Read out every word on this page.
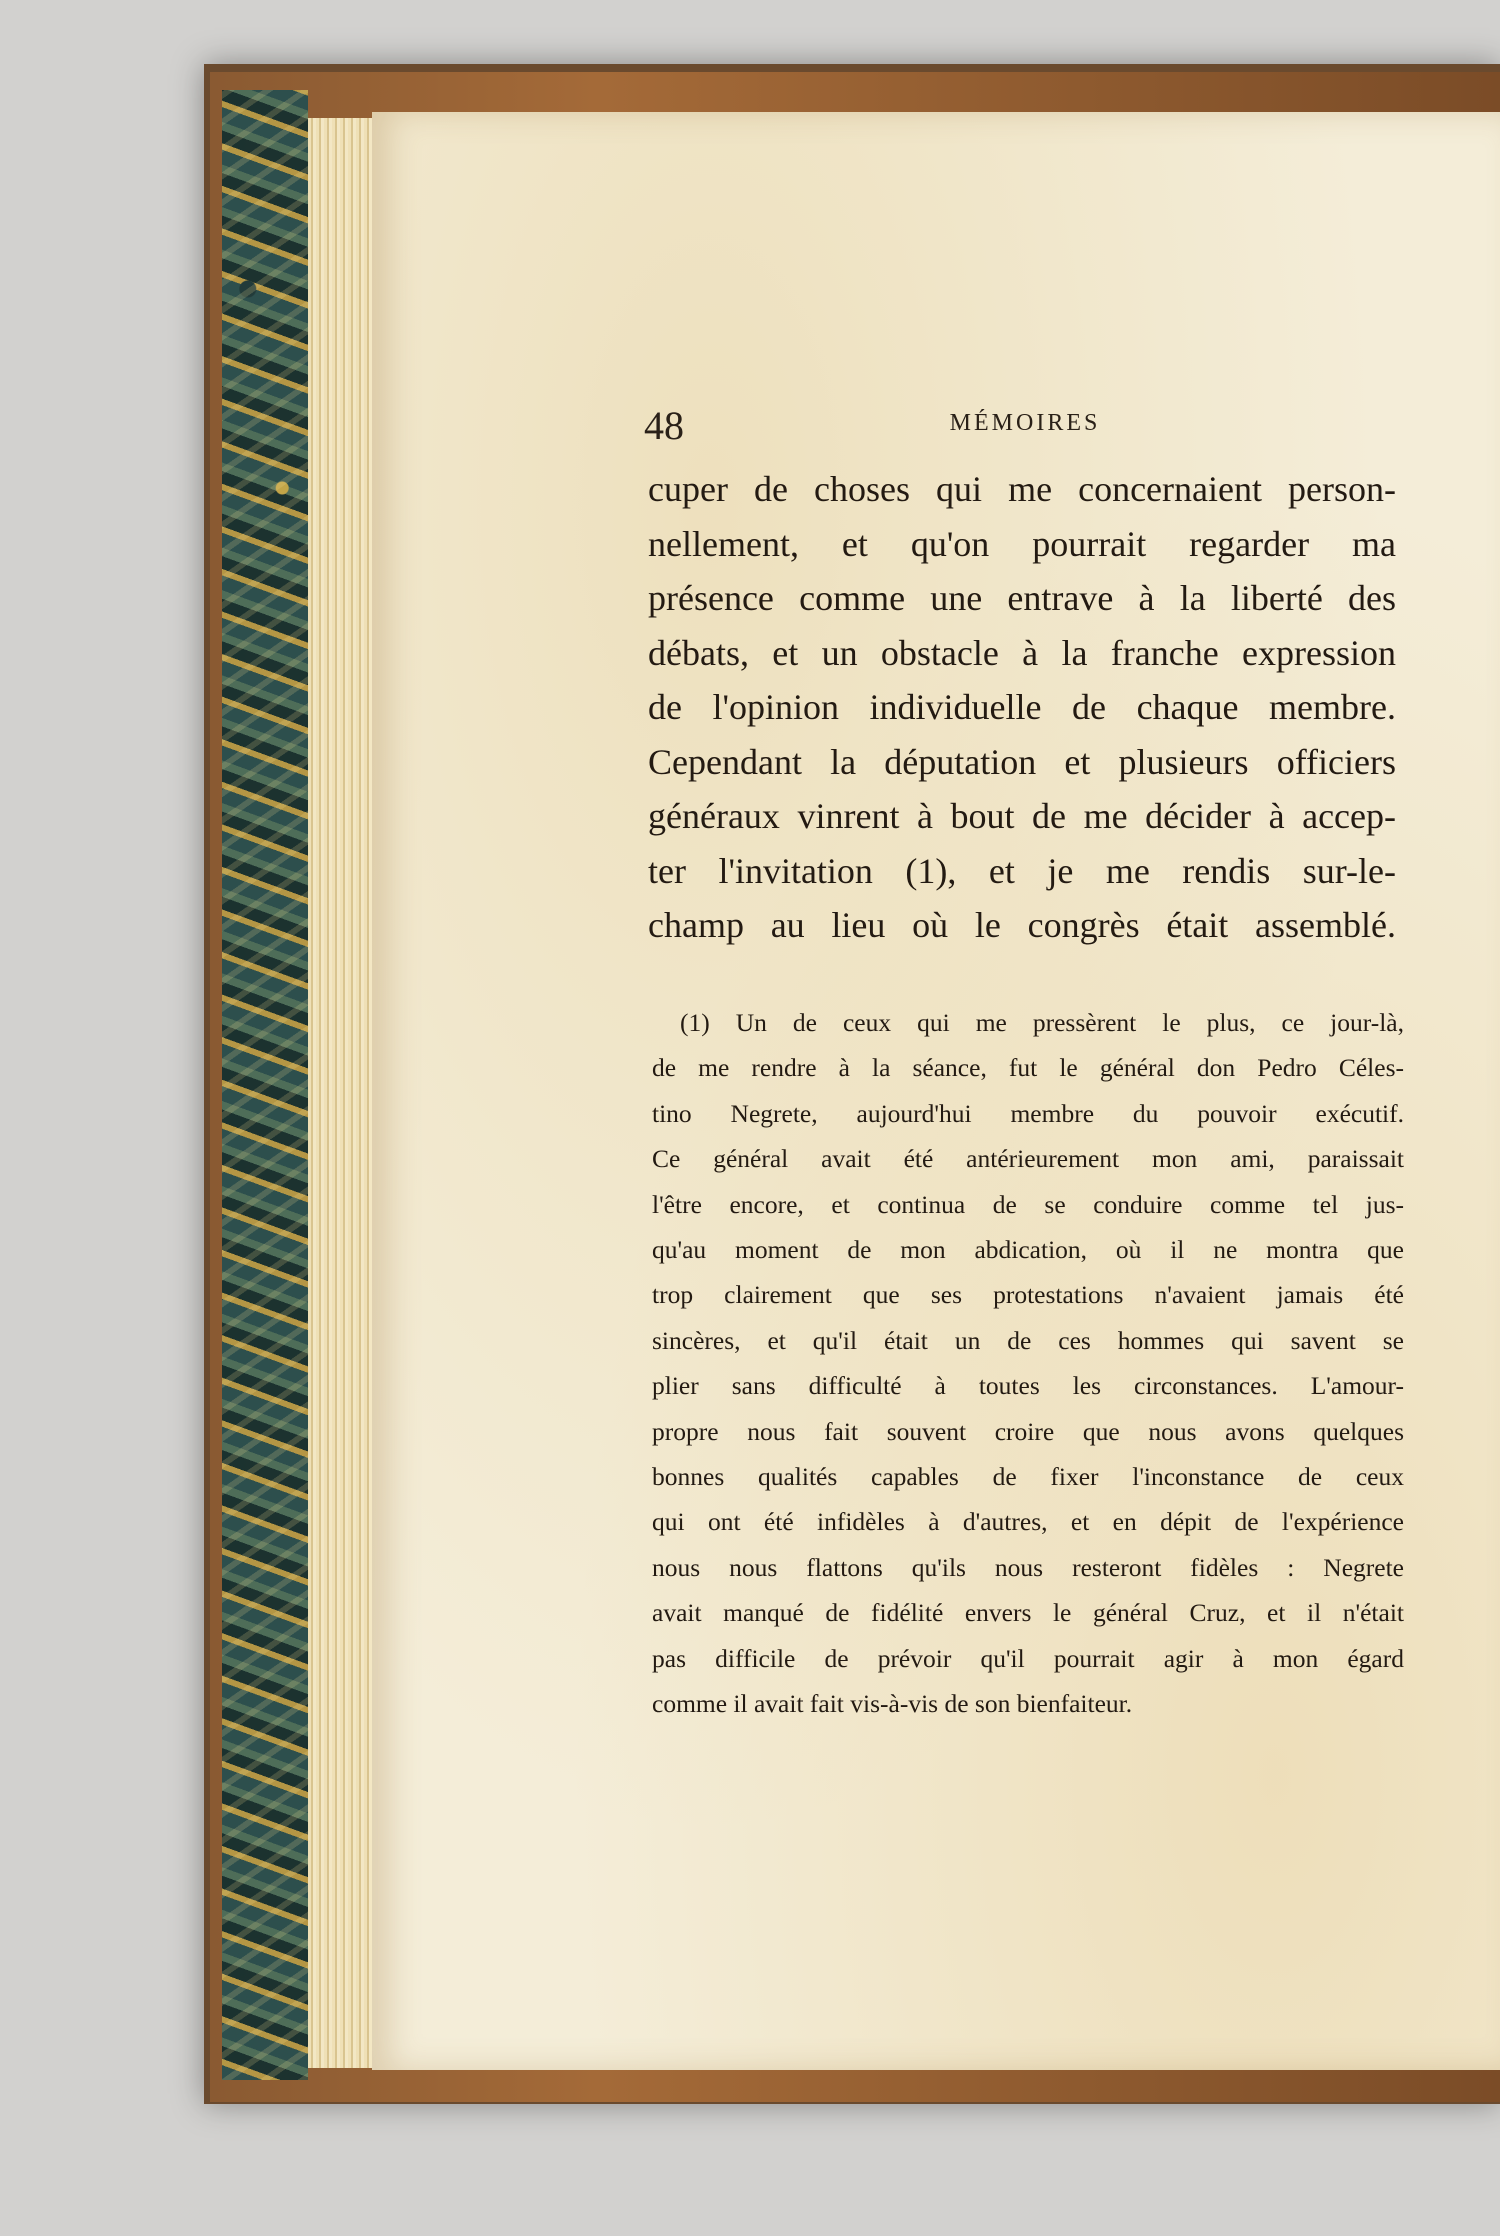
48	MÉMOIRES

cuper de choses qui me concernaient person-
nellement, et qu'on pourrait regarder ma
présence comme une entrave à la liberté des
débats, et un obstacle à la franche expression
de l'opinion individuelle de chaque membre.
Cependant la députation et plusieurs officiers
généraux vinrent à bout de me décider à accep-
ter l'invitation (1), et je me rendis sur-le-
champ au lieu où le congrès était assemblé.

(1) Un de ceux qui me pressèrent le plus, ce jour-là,
de me rendre à la séance, fut le général don Pedro Céles-
tino Negrete, aujourd'hui membre du pouvoir exécutif.
Ce général avait été antérieurement mon ami, paraissait
l'être encore, et continua de se conduire comme tel jus-
qu'au moment de mon abdication, où il ne montra que
trop clairement que ses protestations n'avaient jamais été
sincères, et qu'il était un de ces hommes qui savent se
plier sans difficulté à toutes les circonstances. L'amour-
propre nous fait souvent croire que nous avons quelques
bonnes qualités capables de fixer l'inconstance de ceux
qui ont été infidèles à d'autres, et en dépit de l'expérience
nous nous flattons qu'ils nous resteront fidèles : Negrete
avait manqué de fidélité envers le général Cruz, et il n'était
pas difficile de prévoir qu'il pourrait agir à mon égard
comme il avait fait vis-à-vis de son bienfaiteur.
